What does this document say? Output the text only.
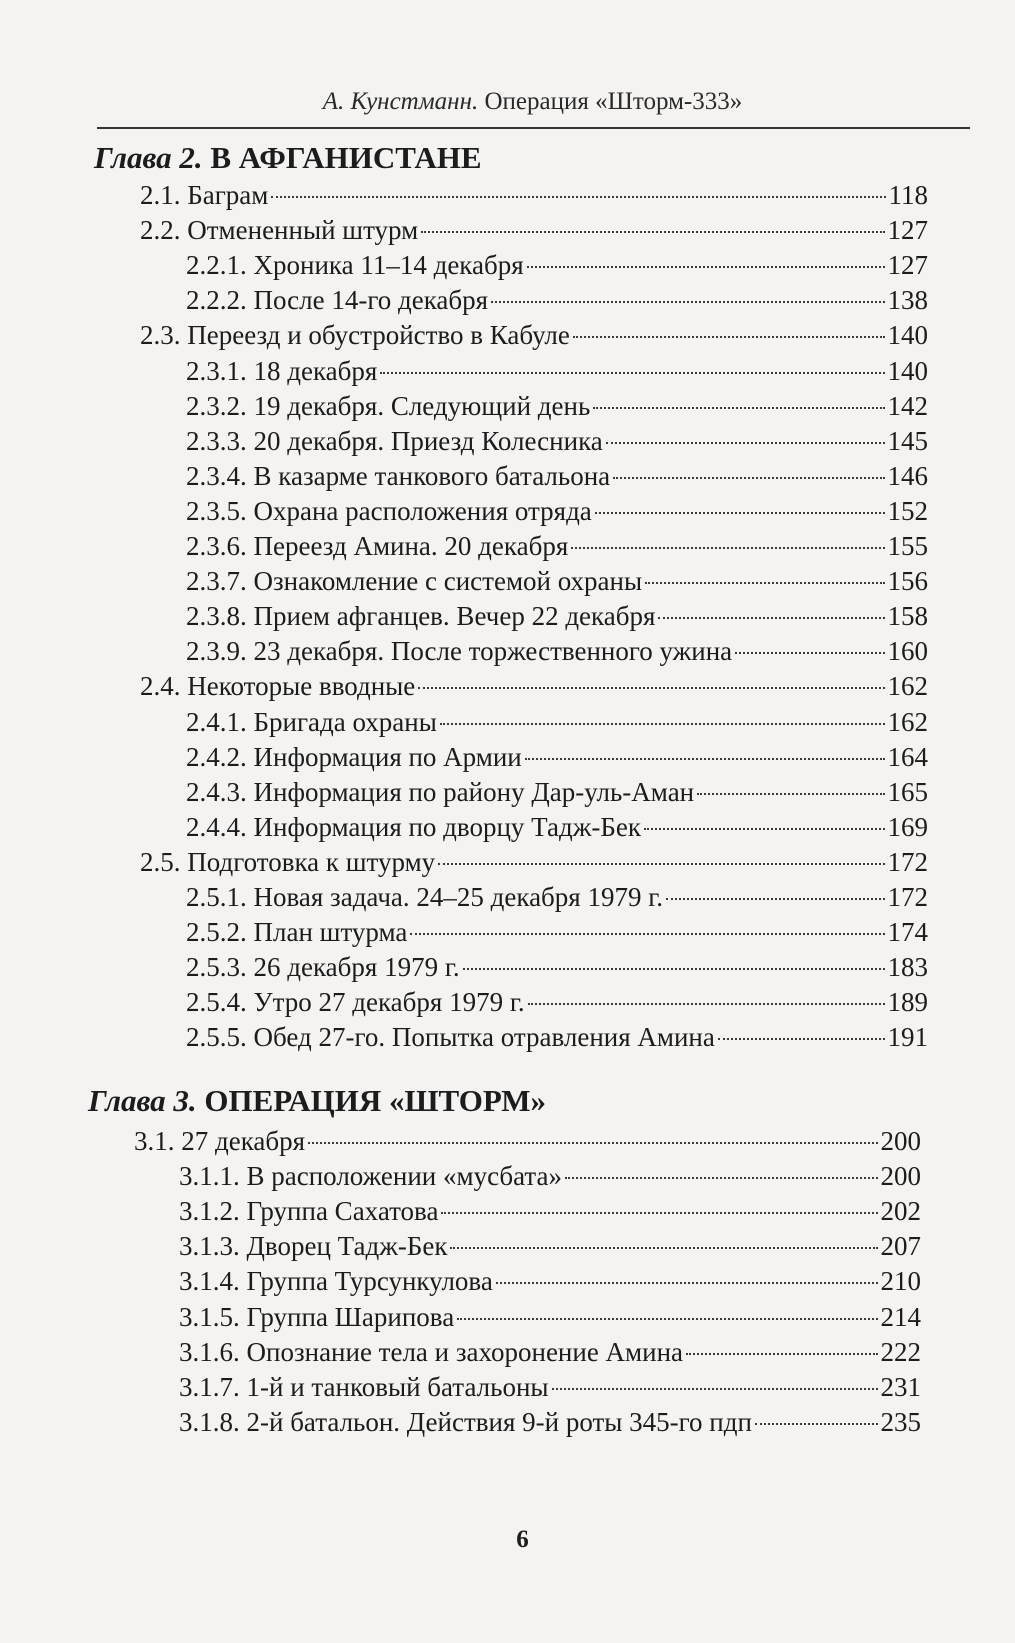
А. Кунстманн. Операция «Шторм-333»
Глава 2. В АФГАНИСТАНЕ
2.1. Баграм	118
2.2. Отмененный штурм	127
2.2.1. Хроника 11–14 декабря	127
2.2.2. После 14-го декабря	138
2.3. Переезд и обустройство в Кабуле	140
2.3.1. 18 декабря	140
2.3.2. 19 декабря. Следующий день	142
2.3.3. 20 декабря. Приезд Колесника	145
2.3.4. В казарме танкового батальона	146
2.3.5. Охрана расположения отряда	152
2.3.6. Переезд Амина. 20 декабря	155
2.3.7. Ознакомление с системой охраны	156
2.3.8. Прием афганцев. Вечер 22 декабря	158
2.3.9. 23 декабря. После торжественного ужина	160
2.4. Некоторые вводные	162
2.4.1. Бригада охраны	162
2.4.2. Информация по Армии	164
2.4.3. Информация по району Дар-уль-Аман	165
2.4.4. Информация по дворцу Тадж-Бек	169
2.5. Подготовка к штурму	172
2.5.1. Новая задача. 24–25 декабря 1979 г.	172
2.5.2. План штурма	174
2.5.3. 26 декабря 1979 г.	183
2.5.4. Утро 27 декабря 1979 г.	189
2.5.5. Обед 27-го. Попытка отравления Амина	191
Глава 3. ОПЕРАЦИЯ «ШТОРМ»
3.1. 27 декабря	200
3.1.1. В расположении «мусбата»	200
3.1.2. Группа Сахатова	202
3.1.3. Дворец Тадж-Бек	207
3.1.4. Группа Турсункулова	210
3.1.5. Группа Шарипова	214
3.1.6. Опознание тела и захоронение Амина	222
3.1.7. 1-й и танковый батальоны	231
3.1.8. 2-й батальон. Действия 9-й роты 345-го пдп	235
6
